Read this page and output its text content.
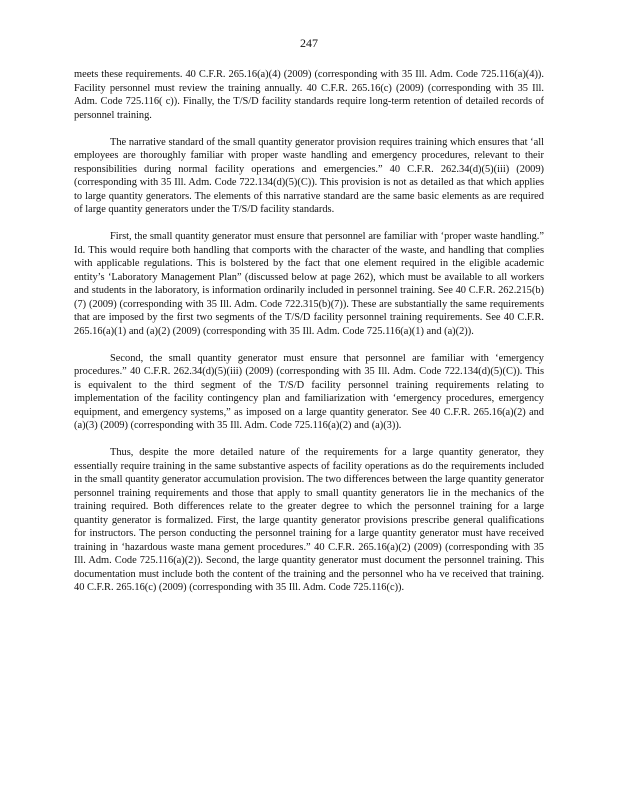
247

meets these requirements. 40 C.F.R. 265.16(a)(4) (2009) (corresponding with 35 Ill. Adm. Code 725.116(a)(4)). Facility personnel must review the training annually. 40 C.F.R. 265.16(c) (2009) (corresponding with 35 Ill. Adm. Code 725.116( c)). Finally, the T/S/D facility standards require long-term retention of detailed records of personnel training.

The narrative standard of the small quantity generator provision requires training which ensures that ‘all employees are thoroughly familiar with proper waste handling and emergency procedures, relevant to their responsibilities during normal facility operations and emergencies.” 40 C.F.R. 262.34(d)(5)(iii) (2009) (corresponding with 35 Ill. Adm. Code 722.134(d)(5)(C)). This provision is not as detailed as that which applies to large quantity generators. The elements of this narrative standard are the same basic elements as are required of large quantity generators under the T/S/D facility standards.

First, the small quantity generator must ensure that personnel are familiar with ‘proper waste handling.” Id. This would require both handling that comports with the character of the waste, and handling that complies with applicable regulations. This is bolstered by the fact that one element required in the eligible academic entity’s ‘Laboratory Management Plan” (discussed below at page 262), which must be available to all workers and students in the laboratory, is information ordinarily included in personnel training. See 40 C.F.R. 262.215(b)(7) (2009) (corresponding with 35 Ill. Adm. Code 722.315(b)(7)). These are substantially the same requirements that are imposed by the first two segments of the T/S/D facility personnel training requirements. See 40 C.F.R. 265.16(a)(1) and (a)(2) (2009) (corresponding with 35 Ill. Adm. Code 725.116(a)(1) and (a)(2)).

Second, the small quantity generator must ensure that personnel are familiar with ‘emergency procedures.” 40 C.F.R. 262.34(d)(5)(iii) (2009) (corresponding with 35 Ill. Adm. Code 722.134(d)(5)(C)). This is equivalent to the third segment of the T/S/D facility personnel training requirements relating to implementation of the facility contingency plan and familiarization with ‘emergency procedures, emergency equipment, and emergency systems,” as imposed on a large quantity generator. See 40 C.F.R. 265.16(a)(2) and (a)(3) (2009) (corresponding with 35 Ill. Adm. Code 725.116(a)(2) and (a)(3)).

Thus, despite the more detailed nature of the requirements for a large quantity generator, they essentially require training in the same substantive aspects of facility operations as do the requirements included in the small quantity generator accumulation provision. The two differences between the large quantity generator personnel training requirements and those that apply to small quantity generators lie in the mechanics of the training required. Both differences relate to the greater degree to which the personnel training for a large quantity generator is formalized. First, the large quantity generator provisions prescribe general qualifications for instructors. The person conducting the personnel training for a large quantity generator must have received training in ‘hazardous waste mana gement procedures.” 40 C.F.R. 265.16(a)(2) (2009) (corresponding with 35 Ill. Adm. Code 725.116(a)(2)). Second, the large quantity generator must document the personnel training. This documentation must include both the content of the training and the personnel who ha ve received that training. 40 C.F.R. 265.16(c) (2009) (corresponding with 35 Ill. Adm. Code 725.116(c)).
